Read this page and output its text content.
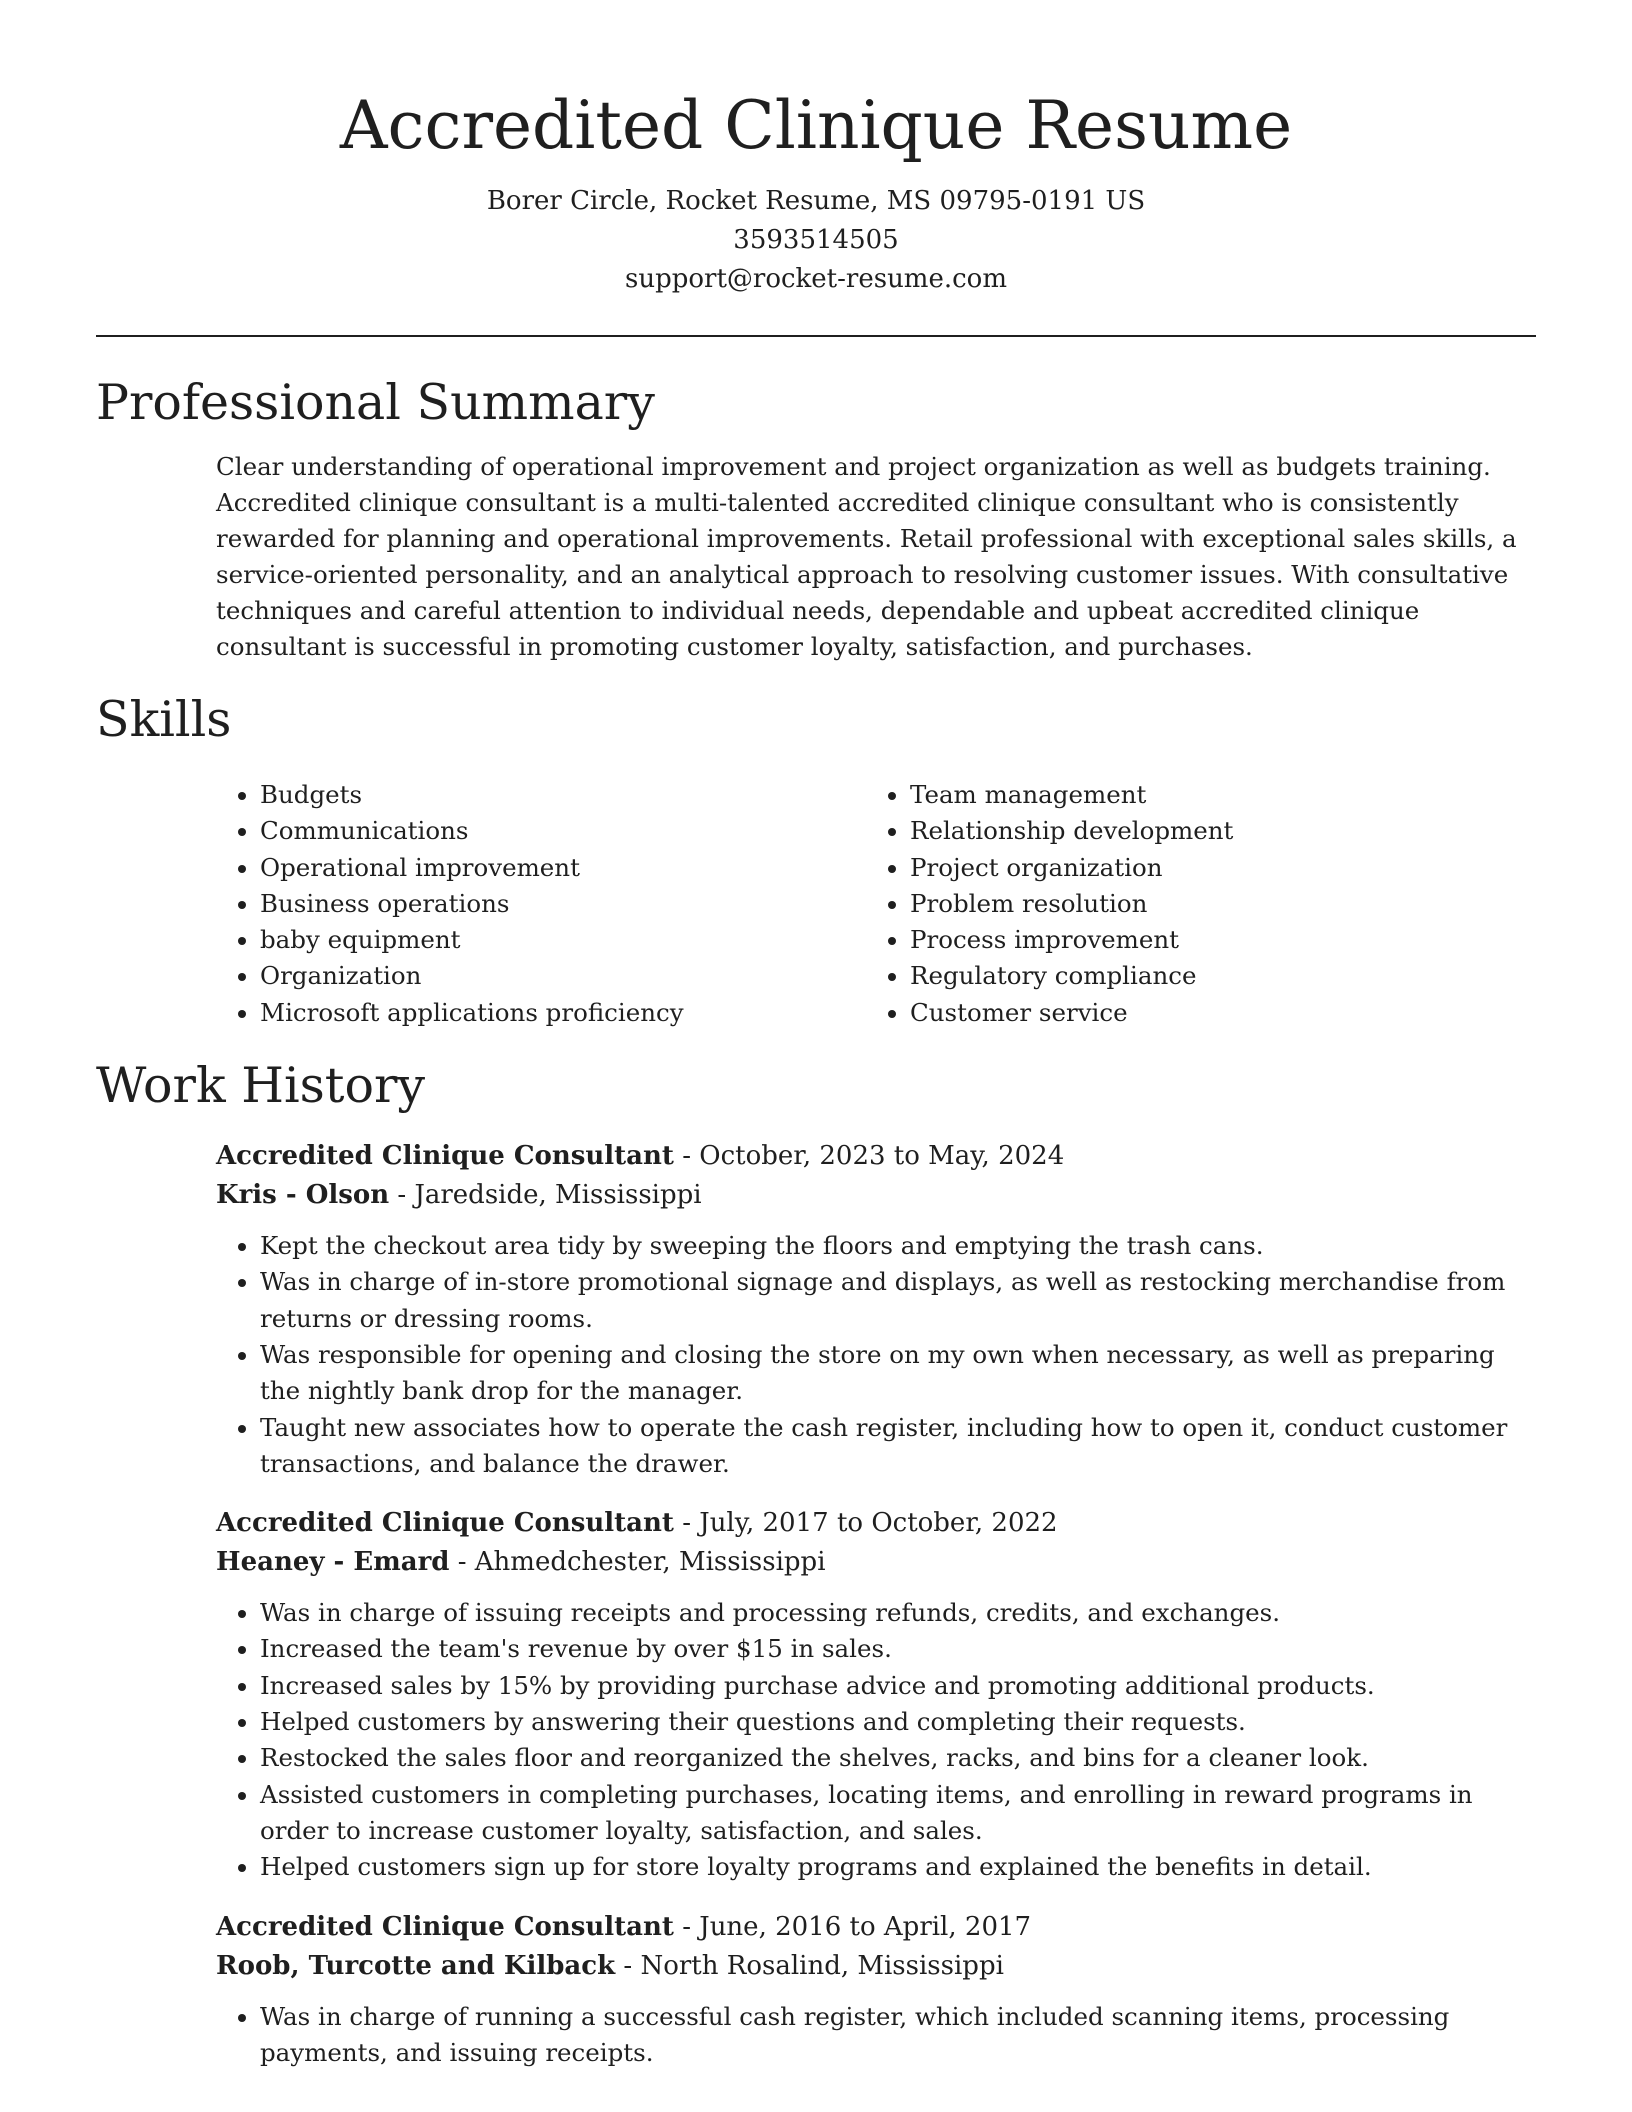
Accredited Clinique Resume
Borer Circle, Rocket Resume, MS 09795-0191 US
3593514505
support@rocket-resume.com
Professional Summary

Clear understanding of operational improvement and project organization as well as budgets training. Accredited clinique consultant is a multi-talented accredited clinique consultant who is consistently rewarded for planning and operational improvements. Retail professional with exceptional sales skills, a service-oriented personality, and an analytical approach to resolving customer issues. With consultative techniques and careful attention to individual needs, dependable and upbeat accredited clinique consultant is successful in promoting customer loyalty, satisfaction, and purchases.

Skills
• Budgets
• Communications
• Operational improvement
• Business operations
• baby equipment
• Organization
• Microsoft applications proficiency
• Team management
• Relationship development
• Project organization
• Problem resolution
• Process improvement
• Regulatory compliance
• Customer service
Work History
Accredited Clinique Consultant - October, 2023 to May, 2024
Kris - Olson - Jaredside, Mississippi
• Kept the checkout area tidy by sweeping the floors and emptying the trash cans.
• Was in charge of in-store promotional signage and displays, as well as restocking merchandise from returns or dressing rooms.
• Was responsible for opening and closing the store on my own when necessary, as well as preparing the nightly bank drop for the manager.
• Taught new associates how to operate the cash register, including how to open it, conduct customer transactions, and balance the drawer.
Accredited Clinique Consultant - July, 2017 to October, 2022
Heaney - Emard - Ahmedchester, Mississippi
• Was in charge of issuing receipts and processing refunds, credits, and exchanges.
• Increased the team's revenue by over $15 in sales.
• Increased sales by 15% by providing purchase advice and promoting additional products.
• Helped customers by answering their questions and completing their requests.
• Restocked the sales floor and reorganized the shelves, racks, and bins for a cleaner look.
• Assisted customers in completing purchases, locating items, and enrolling in reward programs in order to increase customer loyalty, satisfaction, and sales.
• Helped customers sign up for store loyalty programs and explained the benefits in detail.
Accredited Clinique Consultant - June, 2016 to April, 2017
Roob, Turcotte and Kilback - North Rosalind, Mississippi
• Was in charge of running a successful cash register, which included scanning items, processing payments, and issuing receipts.
